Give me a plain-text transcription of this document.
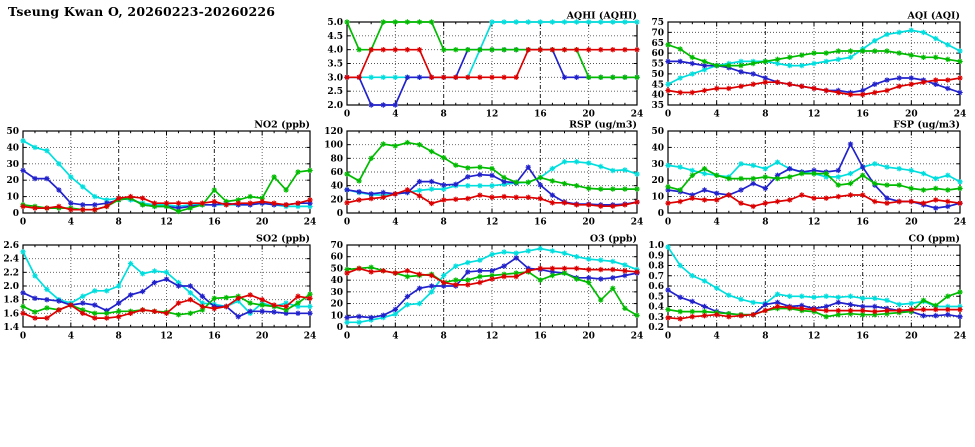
Tseung Kwan O, 20260223-20260226
2.0
2.5
3.0
3.5
4.0
4.5
5.0
0	4	8	12	16	20	24
AQHI (AQHI)
35
40
45
50
55
60
65
70
75
0	4	8	12	16	20	24
AQI (AQI)
0
10
20
30
40
50
0	4	8	12	16	20	24
NO2 (ppb)
0
20
40
60
80
100
120
0	4	8	12	16	20	24
RSP (ug/m3)
0
10
20
30
40
50
0	4	8	12	16	20	24
FSP (ug/m3)
1.4
1.6
1.8
2.0
2.2
2.4
2.6
0	4	8	12	16	20	24
SO2 (ppb)
0
10
20
30
40
50
60
70
0	4	8	12	16	20	24
O3 (ppb)
0.2
0.3
0.4
0.5
0.6
0.7
0.8
0.9
1.0
0	4	8	12	16	20	24
CO (ppm)
